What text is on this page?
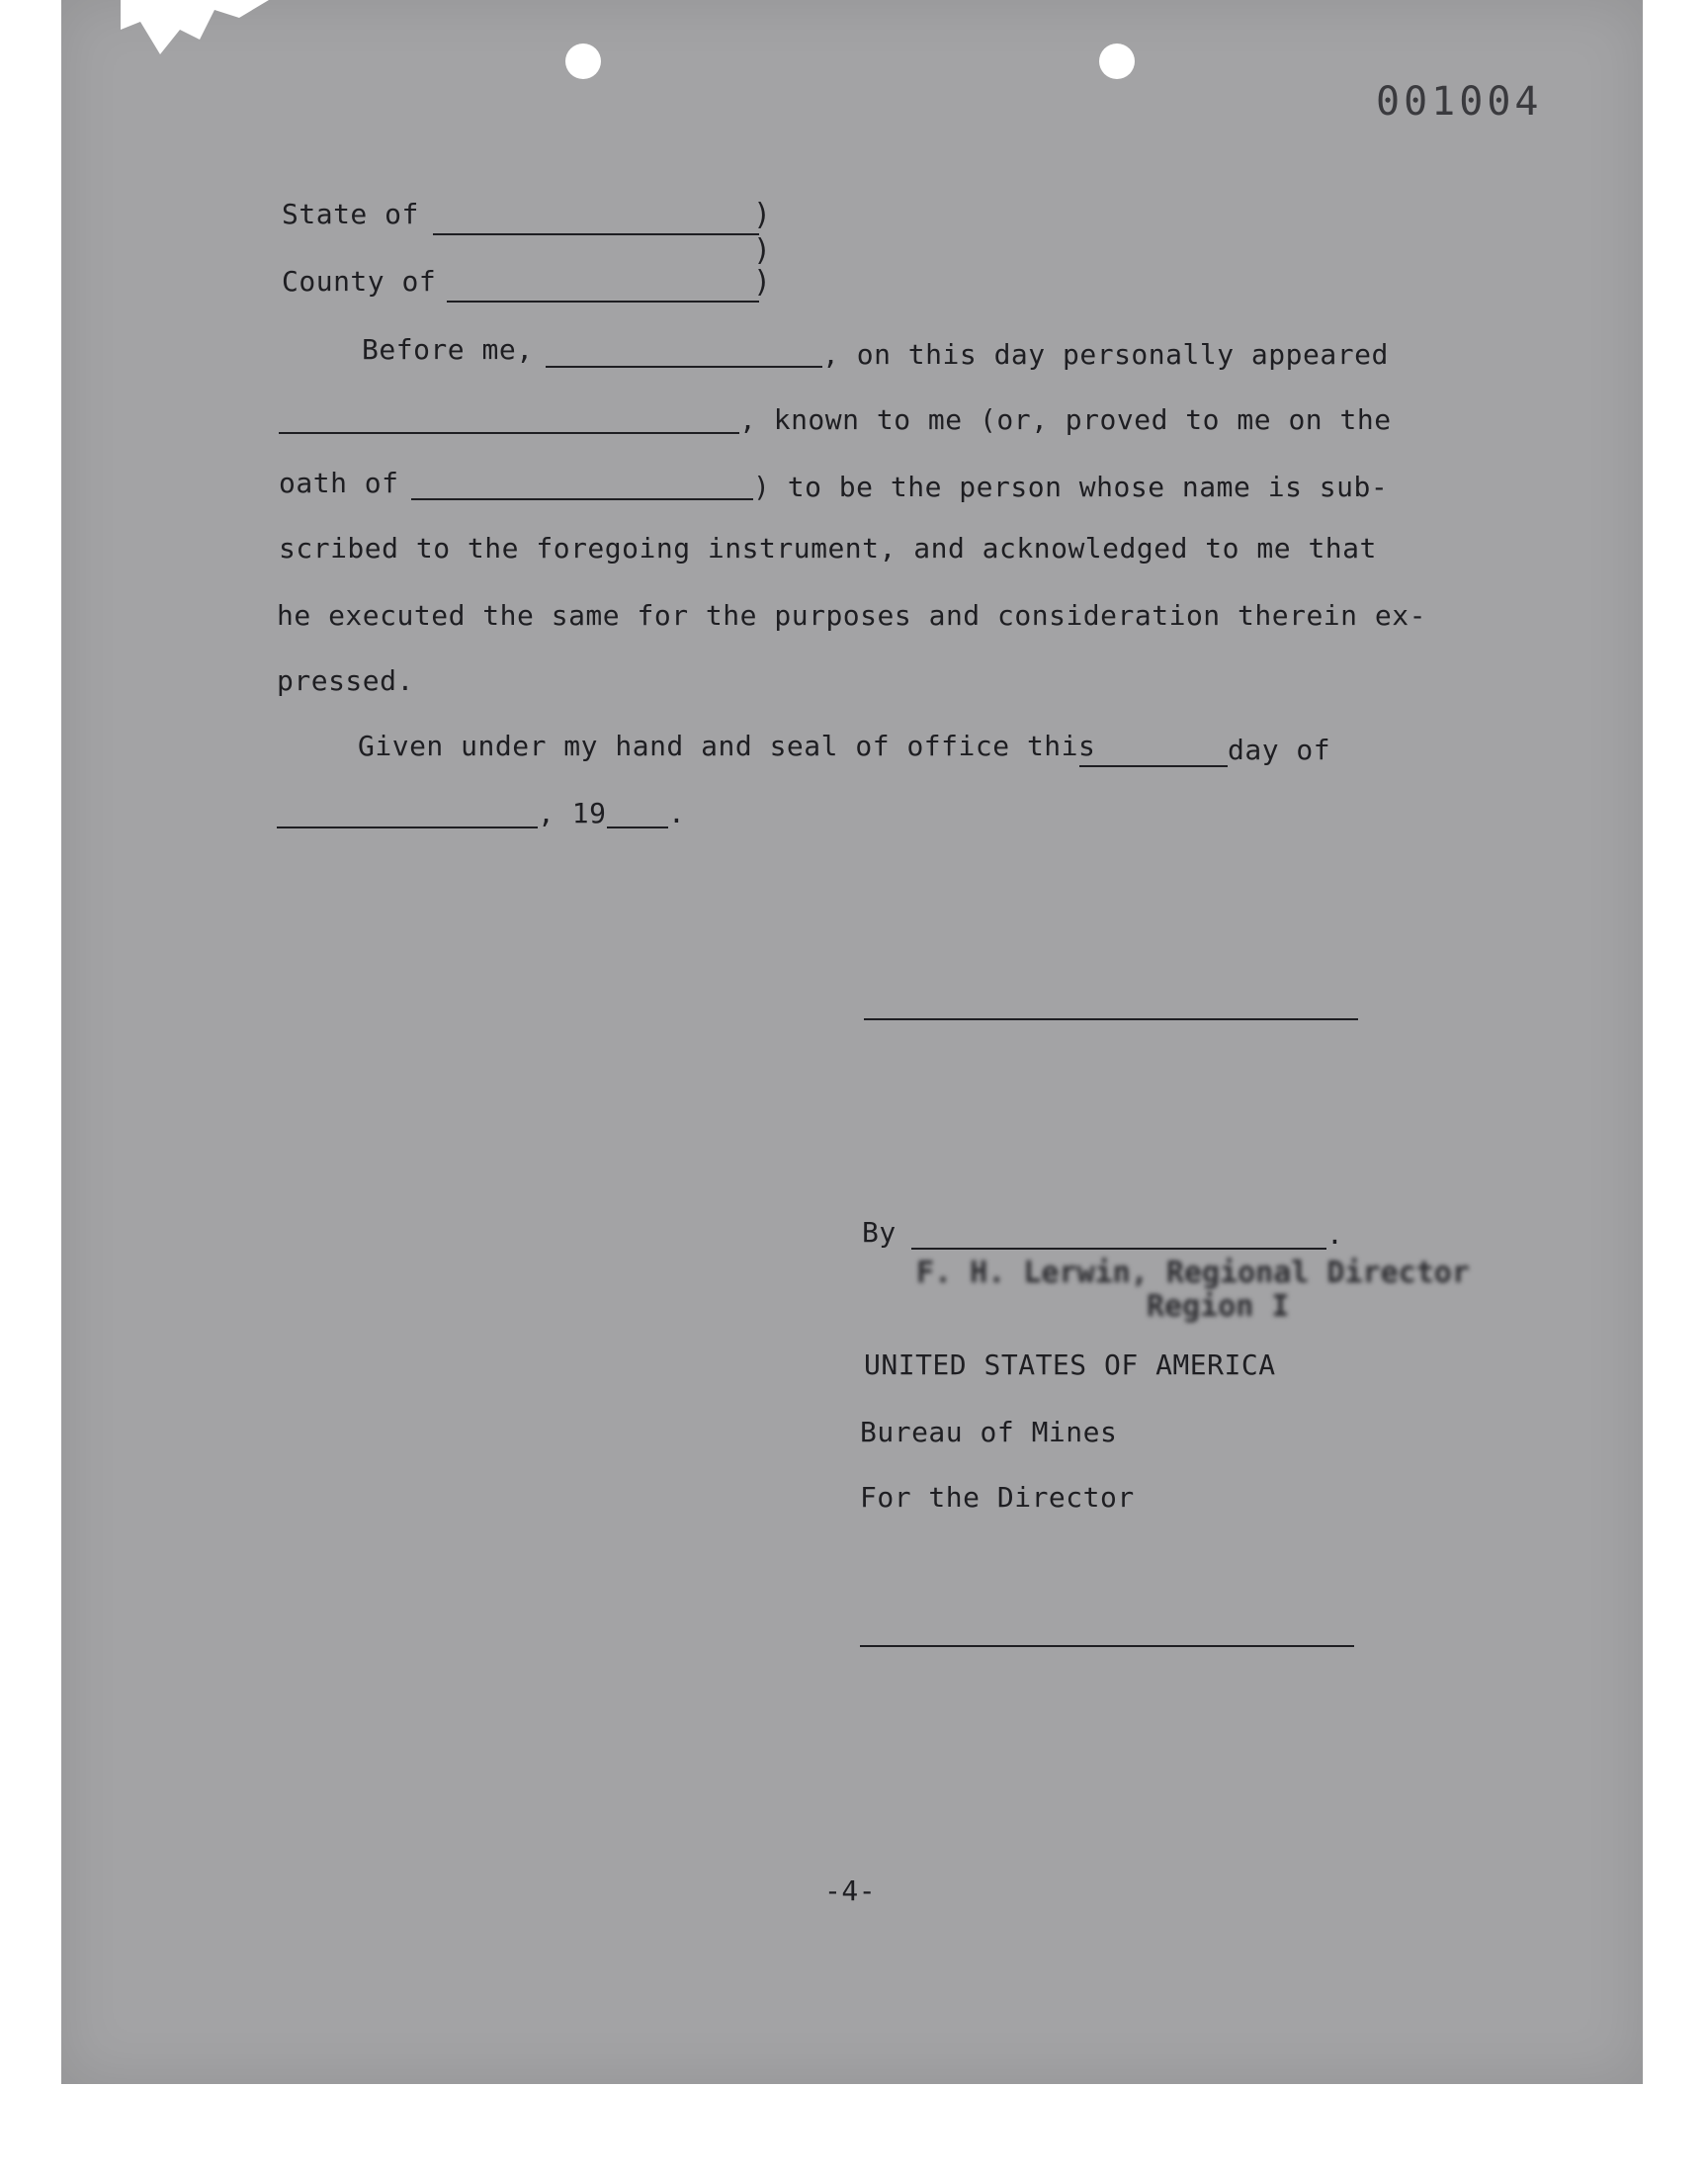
001004
State of	)
)
County of	)
Before me,	, on this day personally appeared
, known to me (or, proved to me on the
oath of	) to be the person whose name is sub-
scribed to the foregoing instrument, and acknowledged to me that
he executed the same for the purposes and consideration therein ex-
pressed.
Given under my hand and seal of office this	day of
, 19 .
By	.
F. H. Lerwin, Regional Director
Region I
UNITED STATES OF AMERICA
Bureau of Mines
For the Director
-4-
